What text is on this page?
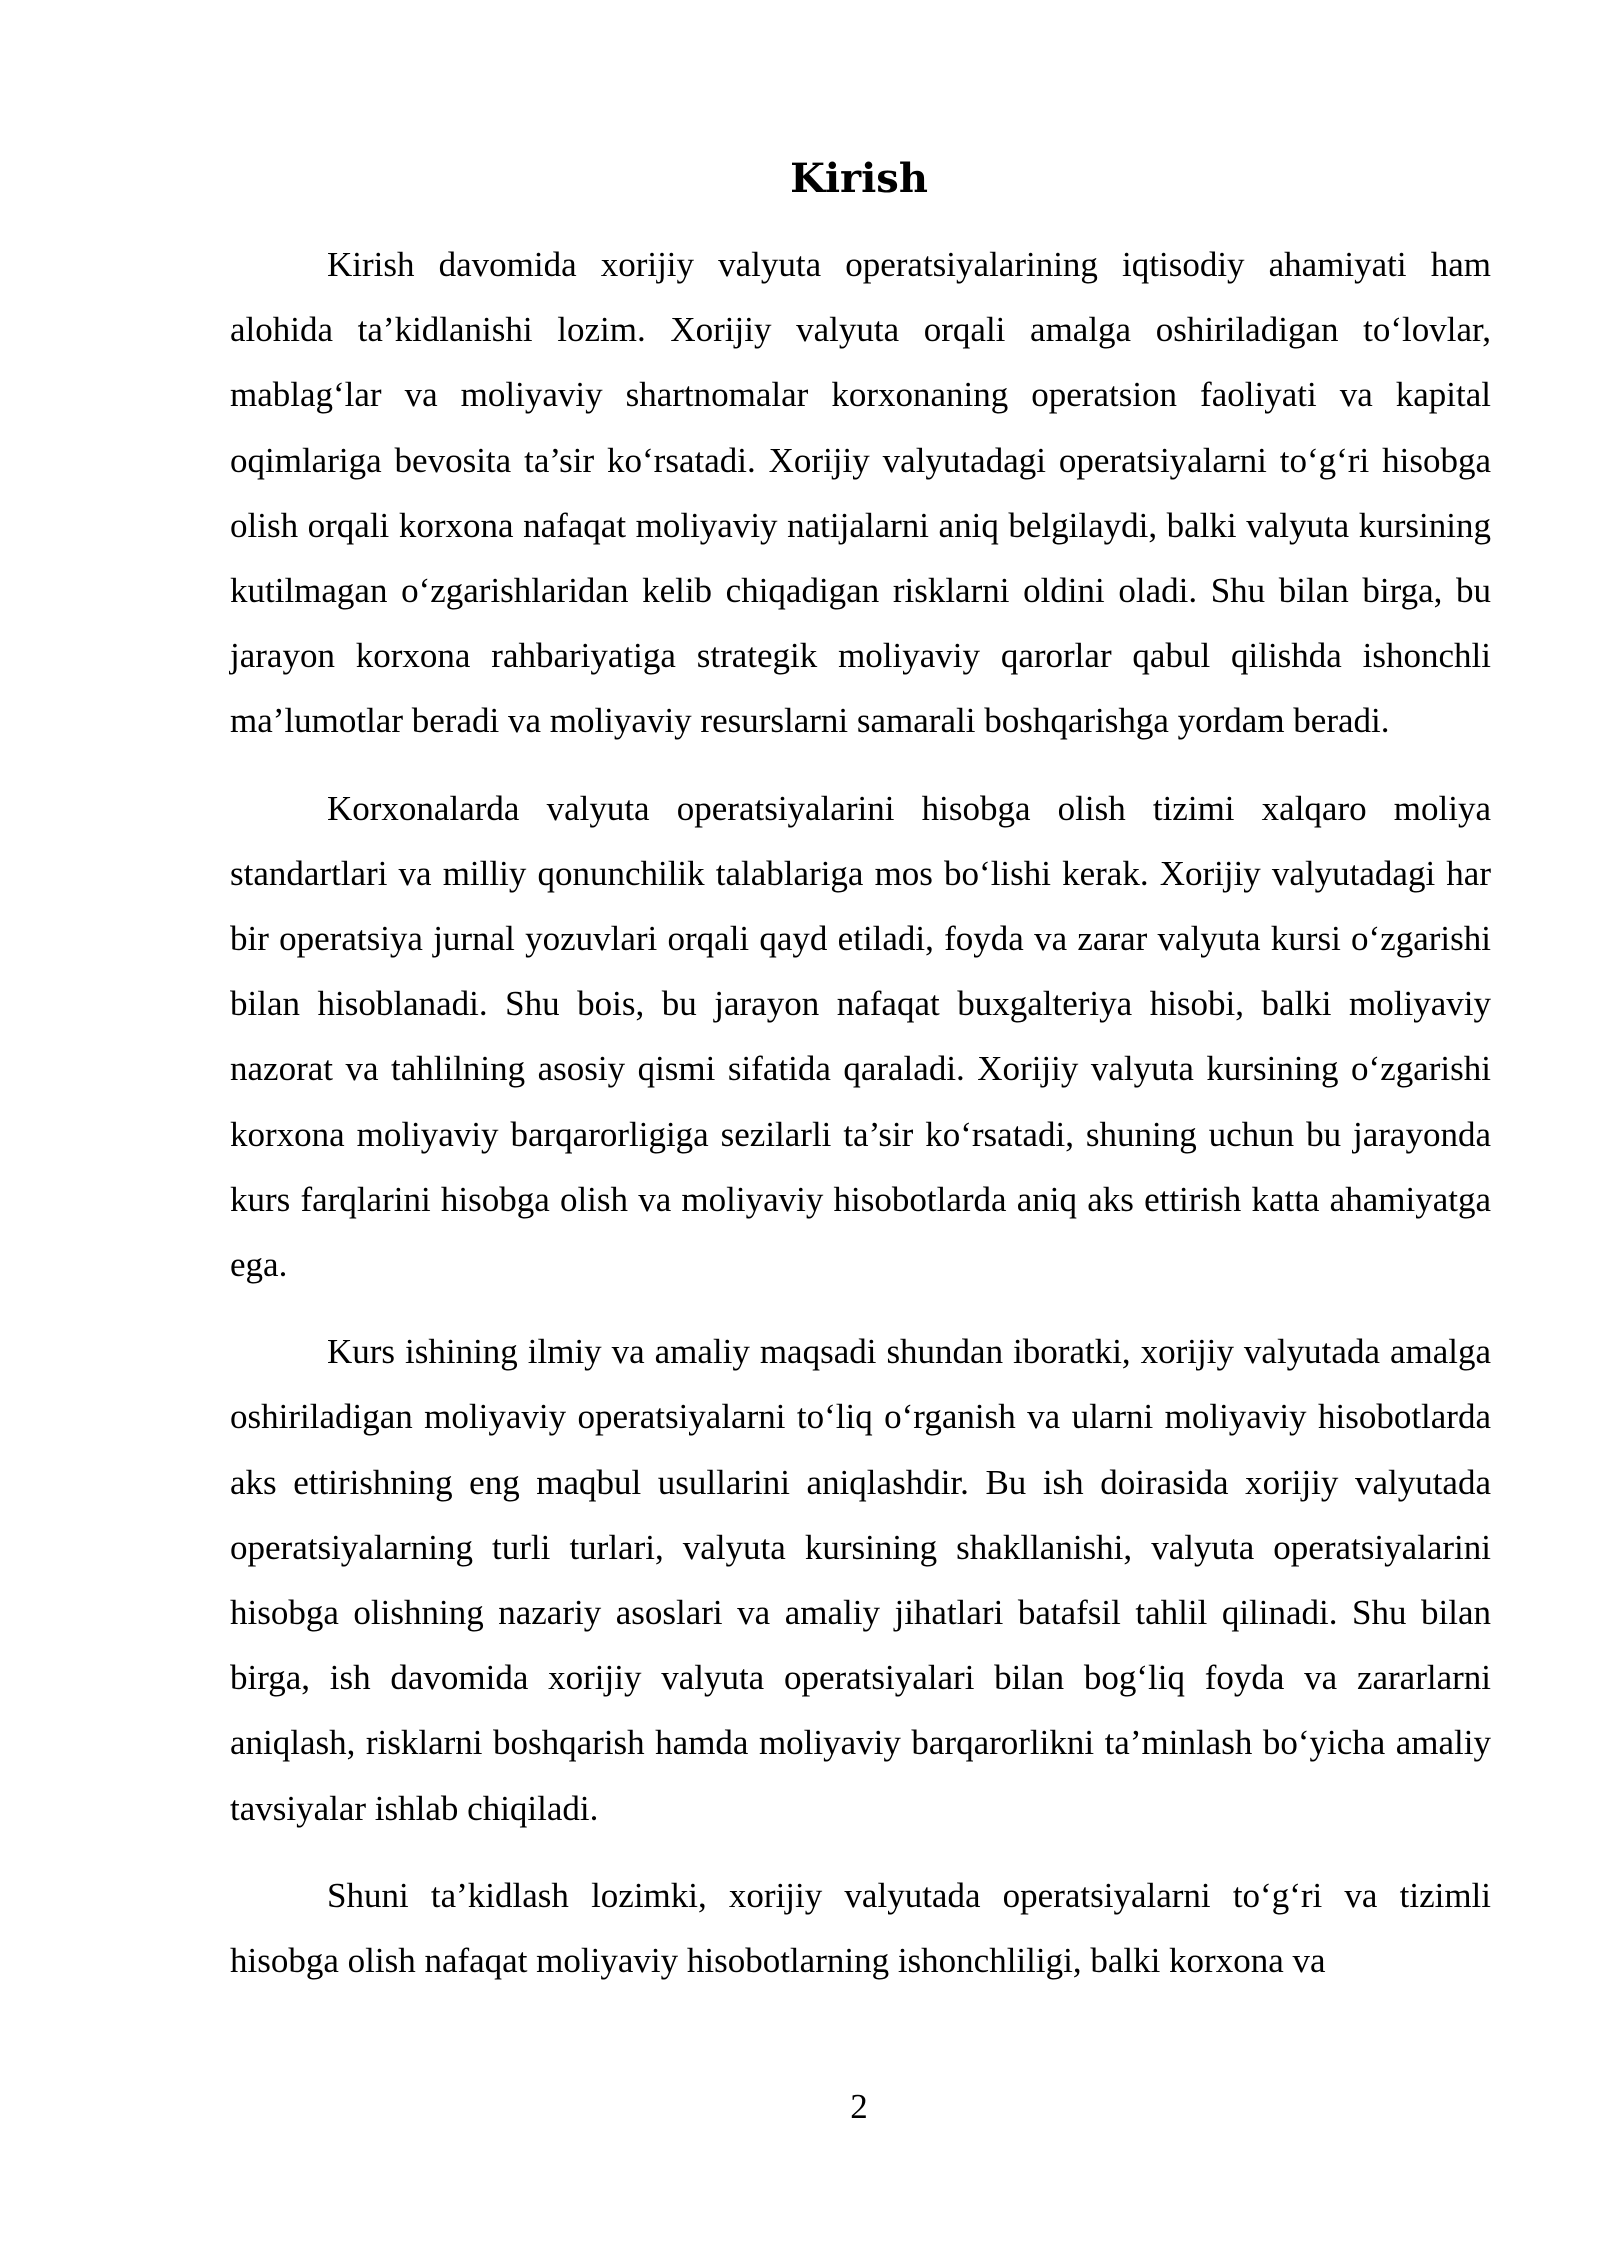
Kirish

Kirish davomida xorijiy valyuta operatsiyalarining iqtisodiy ahamiyati ham alohida ta’kidlanishi lozim. Xorijiy valyuta orqali amalga oshiriladigan to‘lovlar, mablag‘lar va moliyaviy shartnomalar korxonaning operatsion faoliyati va kapital oqimlariga bevosita ta’sir ko‘rsatadi. Xorijiy valyutadagi operatsiyalarni to‘g‘ri hisobga olish orqali korxona nafaqat moliyaviy natijalarni aniq belgilaydi, balki valyuta kursining kutilmagan o‘zgarishlaridan kelib chiqadigan risklarni oldini oladi. Shu bilan birga, bu jarayon korxona rahbariyatiga strategik moliyaviy qarorlar qabul qilishda ishonchli ma’lumotlar beradi va moliyaviy resurslarni samarali boshqarishga yordam beradi.

Korxonalarda valyuta operatsiyalarini hisobga olish tizimi xalqaro moliya standartlari va milliy qonunchilik talablariga mos bo‘lishi kerak. Xorijiy valyutadagi har bir operatsiya jurnal yozuvlari orqali qayd etiladi, foyda va zarar valyuta kursi o‘zgarishi bilan hisoblanadi. Shu bois, bu jarayon nafaqat buxgalteriya hisobi, balki moliyaviy nazorat va tahlilning asosiy qismi sifatida qaraladi. Xorijiy valyuta kursining o‘zgarishi korxona moliyaviy barqarorligiga sezilarli ta’sir ko‘rsatadi, shuning uchun bu jarayonda kurs farqlarini hisobga olish va moliyaviy hisobotlarda aniq aks ettirish katta ahamiyatga ega.

Kurs ishining ilmiy va amaliy maqsadi shundan iboratki, xorijiy valyutada amalga oshiriladigan moliyaviy operatsiyalarni to‘liq o‘rganish va ularni moliyaviy hisobotlarda aks ettirishning eng maqbul usullarini aniqlashdir. Bu ish doirasida xorijiy valyutada operatsiyalarning turli turlari, valyuta kursining shakllanishi, valyuta operatsiyalarini hisobga olishning nazariy asoslari va amaliy jihatlari batafsil tahlil qilinadi. Shu bilan birga, ish davomida xorijiy valyuta operatsiyalari bilan bog‘liq foyda va zararlarni aniqlash, risklarni boshqarish hamda moliyaviy barqarorlikni ta’minlash bo‘yicha amaliy tavsiyalar ishlab chiqiladi.

Shuni ta’kidlash lozimki, xorijiy valyutada operatsiyalarni to‘g‘ri va tizimli hisobga olish nafaqat moliyaviy hisobotlarning ishonchliligi, balki korxona va

2
